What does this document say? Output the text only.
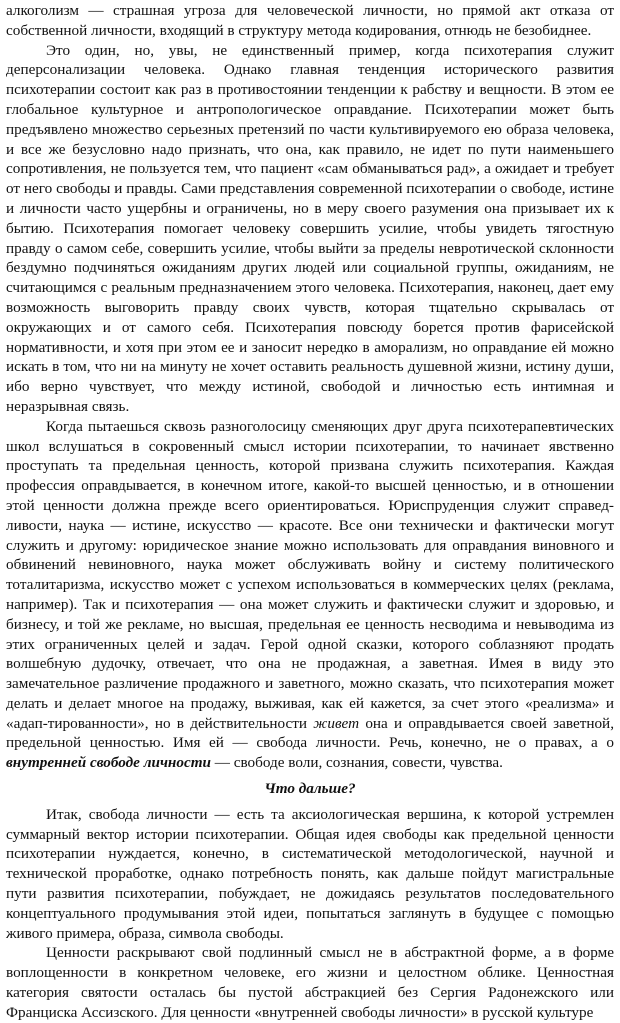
алкоголизм — страшная угроза для человеческой личности, но прямой акт отказа от собственной личности, входящий в структуру метода кодирования, отнюдь не безобиднее.

Это один, но, увы, не единственный пример, когда психотерапия служит деперсонализации человека. Однако главная тенденция исторического развития психотерапии состоит как раз в противостоянии тенденции к рабству и вещности. В этом ее глобальное культурное и антропологическое оправдание. Психотерапии может быть предъявлено множество серьезных претензий по части культивируемого ею образа человека, и все же безусловно надо признать, что она, как правило, не идет по пути наименьшего сопротивления, не пользуется тем, что пациент «сам обманываться рад», а ожидает и требует от него свободы и правды. Сами представления современной психотерапии о свободе, истине и личности часто ущербны и ограничены, но в меру своего разумения она призывает их к бытию. Психотерапия помогает человеку совершить усилие, чтобы увидеть тягостную правду о самом себе, совершить усилие, чтобы выйти за пределы невротической склонности бездумно подчиняться ожиданиям других людей или социальной группы, ожиданиям, не считающимся с реальным предназначением этого человека. Психотерапия, наконец, дает ему возможность выговорить правду своих чувств, которая тщательно скрывалась от окружающих и от самого себя. Психотерапия повсюду борется против фарисейской нормативности, и хотя при этом ее и заносит нередко в аморализм, но оправдание ей можно искать в том, что ни на минуту не хочет оставить реальность душевной жизни, истину души, ибо верно чувствует, что между истиной, свободой и личностью есть интимная и неразрывная связь.

Когда пытаешься сквозь разноголосицу сменяющих друг друга психотерапевтических школ вслушаться в сокровенный смысл истории психотерапии, то начинает явственно проступать та предельная ценность, которой призвана служить психотерапия. Каждая профессия оправдывается, в конечном итоге, какой-то высшей ценностью, и в отношении этой ценности должна прежде всего ориентироваться. Юриспруденция служит справед-ливости, наука — истине, искусство — красоте. Все они технически и фактически могут служить и другому: юридическое знание можно использовать для оправдания виновного и обвинений невиновного, наука может обслуживать войну и систему политического тоталитаризма, искусство может с успехом использоваться в коммерческих целях (реклама, например). Так и психотерапия — она может служить и фактически служит и здоровью, и бизнесу, и той же рекламе, но высшая, предельная ее ценность несводима и невыводима из этих ограниченных целей и задач. Герой одной сказки, которого соблазняют продать волшебную дудочку, отвечает, что она не продажная, а заветная. Имея в виду это замечательное различение продажного и заветного, можно сказать, что психотерапия может делать и делает многое на продажу, выживая, как ей кажется, за счет этого «реализма» и «адап-тированности», но в действительности живет она и оправдывается своей заветной, предельной ценностью. Имя ей — свобода личности. Речь, конечно, не о правах, а о внутренней свободе личности — свободе воли, сознания, совести, чувства.

Что дальше?

Итак, свобода личности — есть та аксиологическая вершина, к которой устремлен суммарный вектор истории психотерапии. Общая идея свободы как предельной ценности психотерапии нуждается, конечно, в систематической методологической, научной и технической проработке, однако потребность понять, как дальше пойдут магистральные пути развития психотерапии, побуждает, не дожидаясь результатов последовательного концептуального продумывания этой идеи, попытаться заглянуть в будущее с помощью живого примера, образа, символа свободы.

Ценности раскрывают свой подлинный смысл не в абстрактной форме, а в форме воплощенности в конкретном человеке, его жизни и целостном облике. Ценностная категория святости осталась бы пустой абстракцией без Сергия Радонежского или Франциска Ассизского. Для ценности «внутренней свободы личности» в русской культуре
